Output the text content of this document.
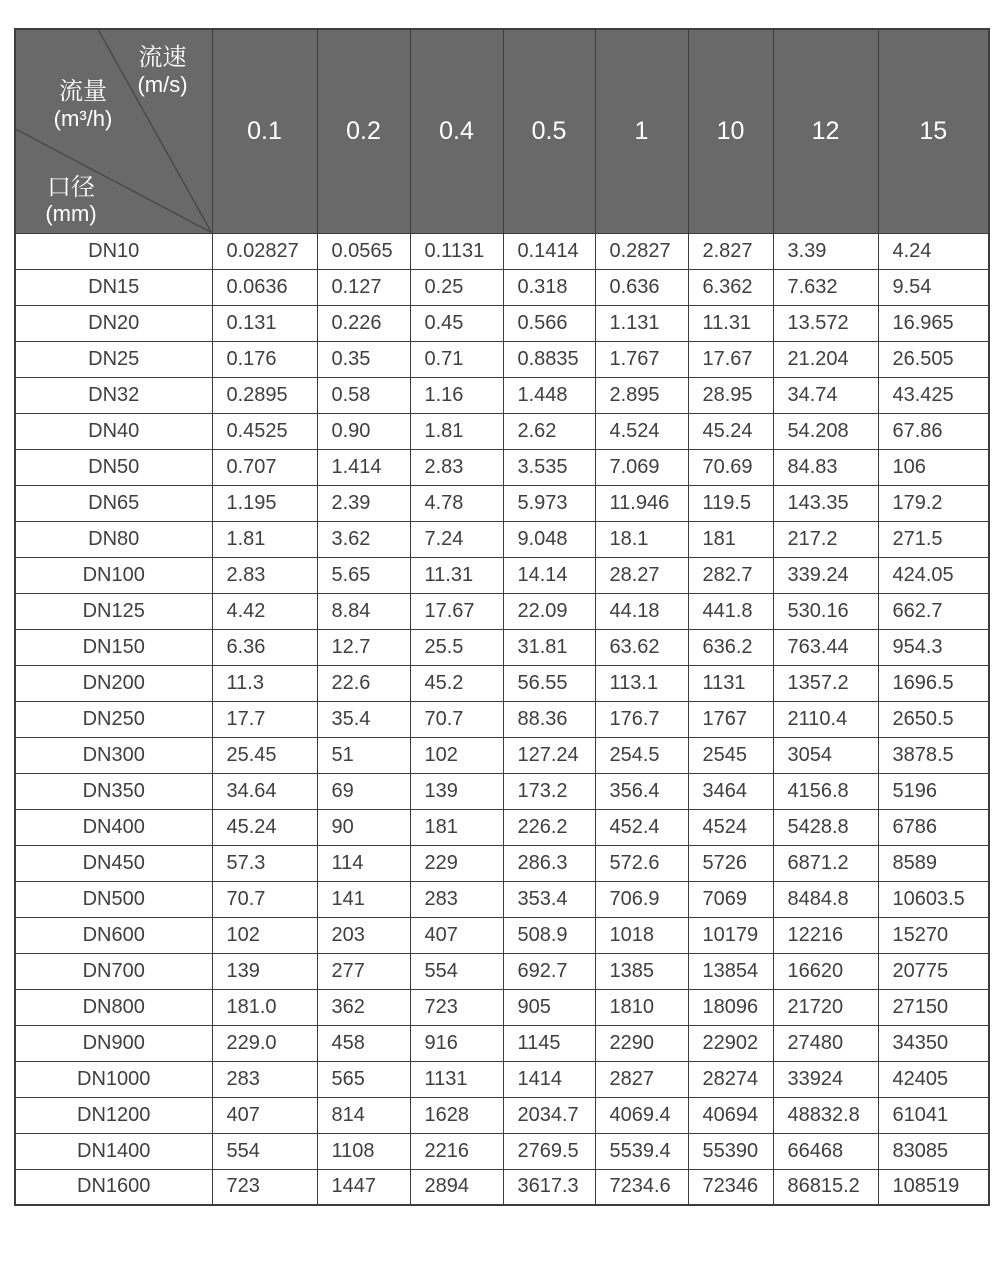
流速
(m/s)
流量
(m³/h)
口径
(mm)
	0.1	0.2	0.4	0.5	1	10	12	15
DN10	0.02827	0.0565	0.1131	0.1414	0.2827	2.827	3.39	4.24
DN15	0.0636	0.127	0.25	0.318	0.636	6.362	7.632	9.54
DN20	0.131	0.226	0.45	0.566	1.131	11.31	13.572	16.965
DN25	0.176	0.35	0.71	0.8835	1.767	17.67	21.204	26.505
DN32	0.2895	0.58	1.16	1.448	2.895	28.95	34.74	43.425
DN40	0.4525	0.90	1.81	2.62	4.524	45.24	54.208	67.86
DN50	0.707	1.414	2.83	3.535	7.069	70.69	84.83	106
DN65	1.195	2.39	4.78	5.973	11.946	119.5	143.35	179.2
DN80	1.81	3.62	7.24	9.048	18.1	181	217.2	271.5
DN100	2.83	5.65	11.31	14.14	28.27	282.7	339.24	424.05
DN125	4.42	8.84	17.67	22.09	44.18	441.8	530.16	662.7
DN150	6.36	12.7	25.5	31.81	63.62	636.2	763.44	954.3
DN200	11.3	22.6	45.2	56.55	113.1	1131	1357.2	1696.5
DN250	17.7	35.4	70.7	88.36	176.7	1767	2110.4	2650.5
DN300	25.45	51	102	127.24	254.5	2545	3054	3878.5
DN350	34.64	69	139	173.2	356.4	3464	4156.8	5196
DN400	45.24	90	181	226.2	452.4	4524	5428.8	6786
DN450	57.3	114	229	286.3	572.6	5726	6871.2	8589
DN500	70.7	141	283	353.4	706.9	7069	8484.8	10603.5
DN600	102	203	407	508.9	1018	10179	12216	15270
DN700	139	277	554	692.7	1385	13854	16620	20775
DN800	181.0	362	723	905	1810	18096	21720	27150
DN900	229.0	458	916	1145	2290	22902	27480	34350
DN1000	283	565	1131	1414	2827	28274	33924	42405
DN1200	407	814	1628	2034.7	4069.4	40694	48832.8	61041
DN1400	554	1108	2216	2769.5	5539.4	55390	66468	83085
DN1600	723	1447	2894	3617.3	7234.6	72346	86815.2	108519
